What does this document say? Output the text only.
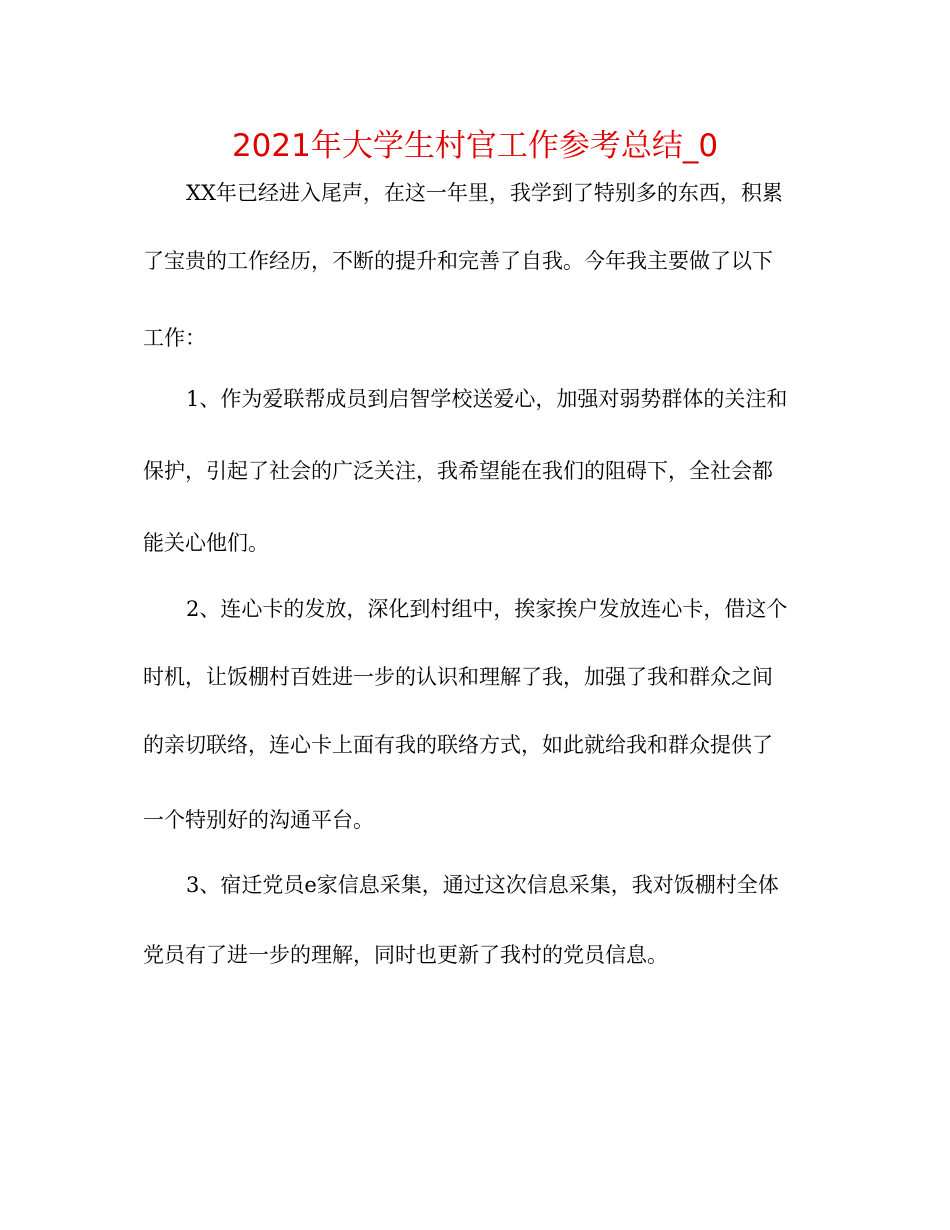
2021年大学生村官工作参考总结_0
XX年已经进入尾声，在这一年里，我学到了特别多的东西，积累
了宝贵的工作经历，不断的提升和完善了自我。今年我主要做了以下
工作：
1、作为爱联帮成员到启智学校送爱心，加强对弱势群体的关注和
保护，引起了社会的广泛关注，我希望能在我们的阻碍下，全社会都
能关心他们。
2、连心卡的发放，深化到村组中，挨家挨户发放连心卡，借这个
时机，让饭棚村百姓进一步的认识和理解了我，加强了我和群众之间
的亲切联络，连心卡上面有我的联络方式，如此就给我和群众提供了
一个特别好的沟通平台。
3、宿迁党员e家信息采集，通过这次信息采集，我对饭棚村全体
党员有了进一步的理解，同时也更新了我村的党员信息。
